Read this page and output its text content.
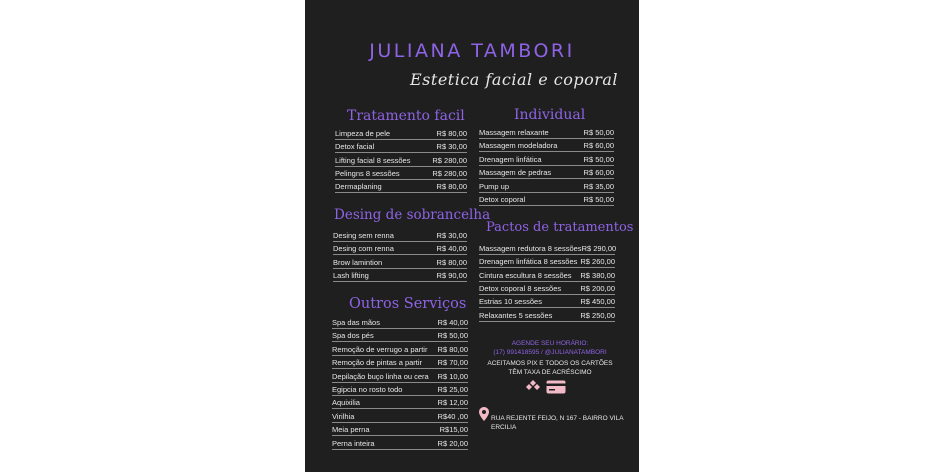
JULIANA TAMBORI
Estetica facial e coporal
Tratamento facil
Limpeza de pele	R$ 80,00
Detox facial	R$ 30,00
Lifting facial 8 sessões	R$ 280,00
Pelingns 8 sessões	R$ 280,00
Dermaplaning	R$ 80,00
Individual
Massagem relaxante	R$ 50,00
Massagem modeladora	R$ 60,00
Drenagem linfática	R$ 50,00
Massagem de pedras	R$ 60,00
Pump up	R$ 35,00
Detox coporal	R$ 50,00
Desing de sobrancelha
Desing sem renna	R$ 30,00
Desing com renna	R$ 40,00
Brow lamintion	R$ 80,00
Lash lifting	R$ 90,00
Pactos de tratamentos
Massagem redutora 8 sessões R$ 290,00
Drenagem linfática 8 sessões R$ 260,00
Cintura escultura 8 sessões R$ 380,00
Detox coporal 8 sessões	R$ 200,00
Estrias 10 sessões	R$ 450,00
Relaxantes 5 sessões	R$ 250,00
Outros Serviços
Spa das mãos	R$ 40,00
Spa dos pés	R$ 50,00
Remoção de verrugo a partir R$ 80,00
Remoção de pintas a partir R$ 70,00
Depilação buço linha ou cera R$ 10,00
Egipcia no rosto todo	R$ 25,00
Aquixilia	R$ 12,00
Virilhia	R$40 ,00
Meia perna	R$15,00
Perna inteira	R$ 20,00
AGENDE SEU HORÁRIO:
(17) 991418595 / @JULIANATAMBORI
ACEITAMOS PIX E TODOS OS CARTÕES
TÊM TAXA DE ACRÉSCIMO
RUA REJENTE FEIJO, N 167 - BAIRRO VILA ERCILIA
